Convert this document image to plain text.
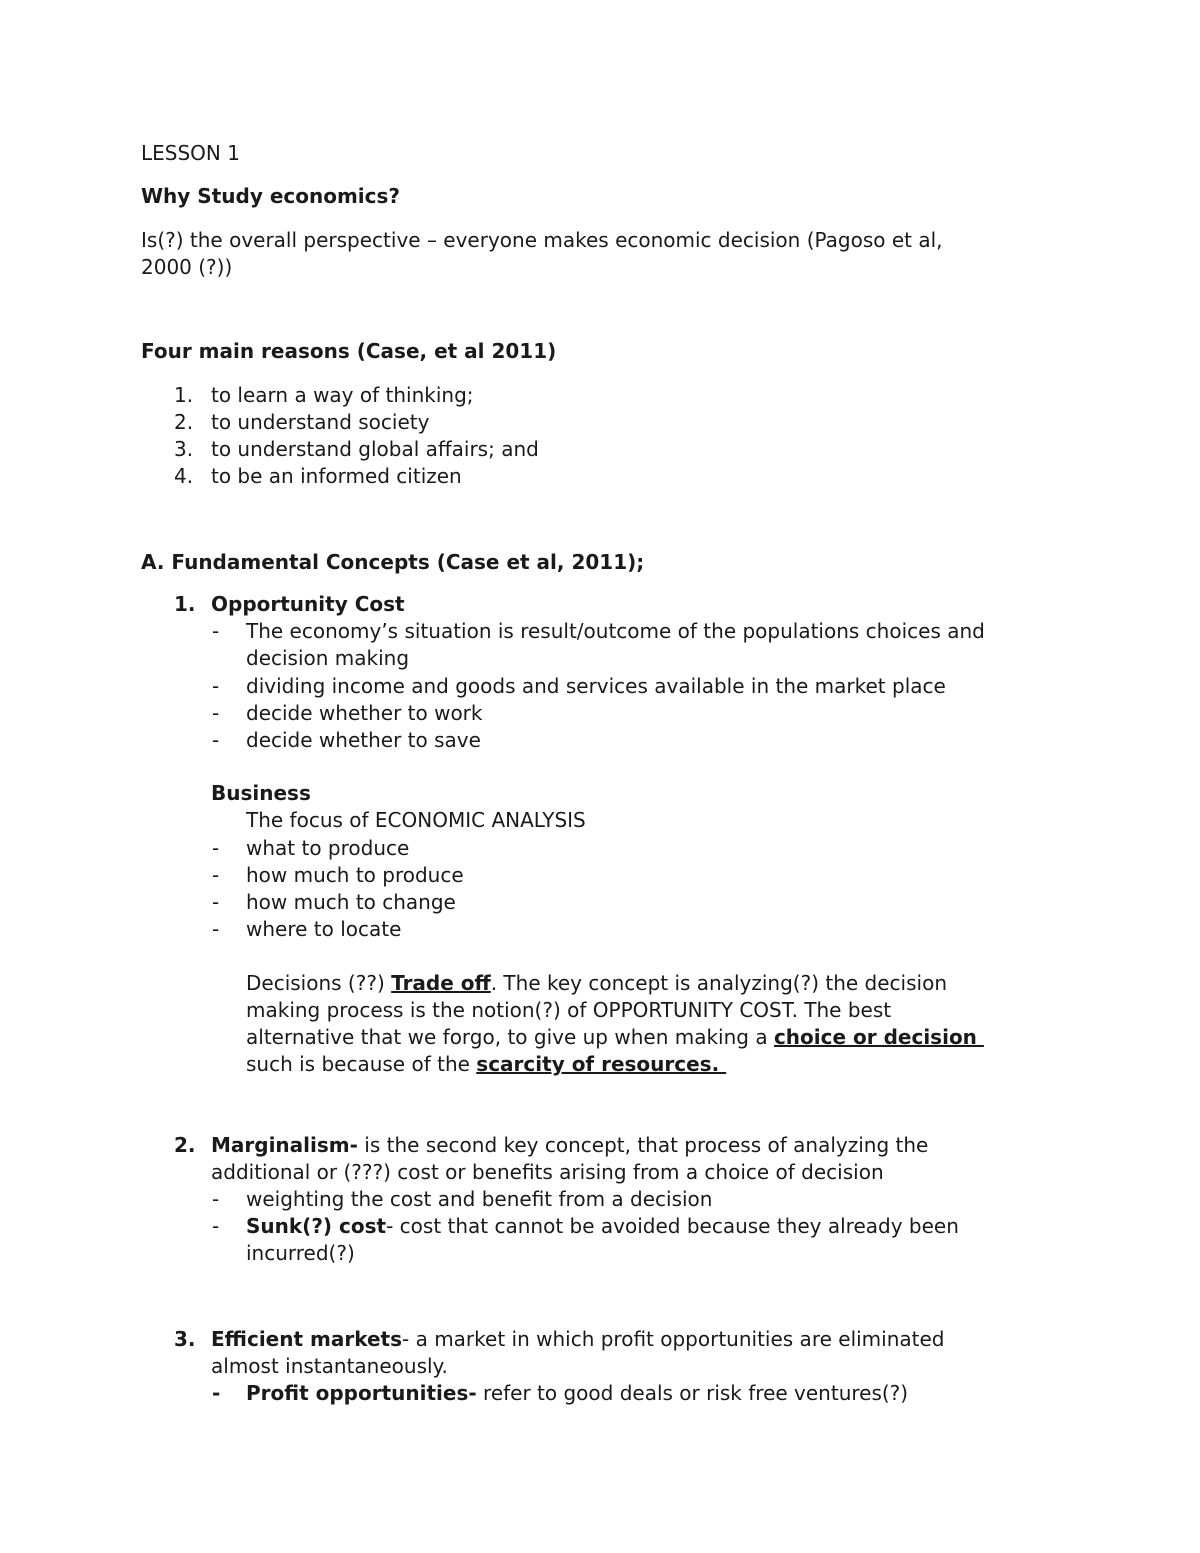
LESSON 1
Why Study economics?
Is(?) the overall perspective – everyone makes economic decision (Pagoso et al,
2000 (?))
Four main reasons (Case, et al 2011)
1. to learn a way of thinking;
2. to understand society
3. to understand global affairs; and
4. to be an informed citizen
A. Fundamental Concepts (Case et al, 2011);
1. Opportunity Cost
- The economy’s situation is result/outcome of the populations choices and
decision making
- dividing income and goods and services available in the market place
- decide whether to work
- decide whether to save
Business
The focus of ECONOMIC ANALYSIS
- what to produce
- how much to produce
- how much to change
- where to locate
Decisions (??) Trade off. The key concept is analyzing(?) the decision
making process is the notion(?) of OPPORTUNITY COST. The best
alternative that we forgo, to give up when making a choice or decision
such is because of the scarcity of resources.
2. Marginalism- is the second key concept, that process of analyzing the
additional or (???) cost or benefits arising from a choice of decision
- weighting the cost and benefit from a decision
- Sunk(?) cost- cost that cannot be avoided because they already been
incurred(?)
3. Efficient markets- a market in which profit opportunities are eliminated
almost instantaneously.
- Profit opportunities- refer to good deals or risk free ventures(?)
